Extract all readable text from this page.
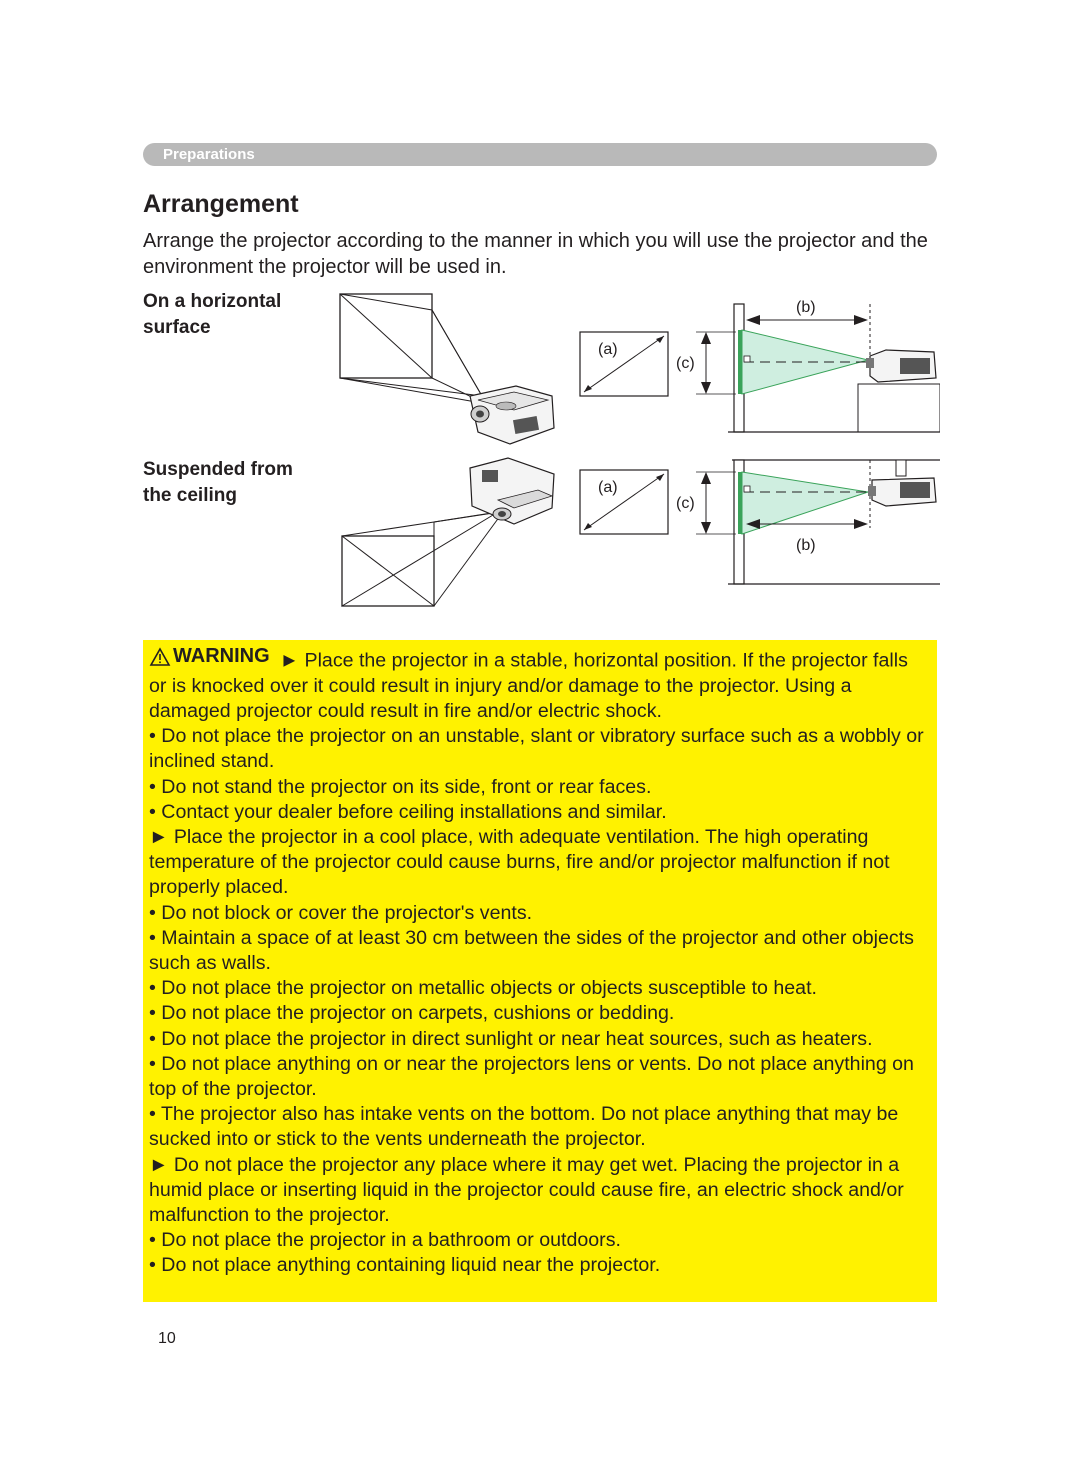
Preparations
Arrangement
Arrange the projector according to the manner in which you will use the projector and the environment the projector will be used in.
On a horizontal surface
Suspended from the ceiling
(a)
(a)
(c)
(b)
(c)
(b)

WARNING ► Place the projector in a stable, horizontal position. If the projector falls or is knocked over it could result in injury and/or damage to the projector. Using a damaged projector could result in fire and/or electric shock.

• Do not place the projector on an unstable, slant or vibratory surface such as a wobbly or inclined stand.

• Do not stand the projector on its side, front or rear faces.

• Contact your dealer before ceiling installations and similar.

► Place the projector in a cool place, with adequate ventilation. The high operating temperature of the projector could cause burns, fire and/or projector malfunction if not properly placed.

• Do not block or cover the projector's vents.

• Maintain a space of at least 30 cm between the sides of the projector and other objects such as walls.

• Do not place the projector on metallic objects or objects susceptible to heat.

• Do not place the projector on carpets, cushions or bedding.

• Do not place the projector in direct sunlight or near heat sources, such as heaters.

• Do not place anything on or near the projectors lens or vents. Do not place anything on top of the projector.

• The projector also has intake vents on the bottom. Do not place anything that may be sucked into or stick to the vents underneath the projector.

► Do not place the projector any place where it may get wet. Placing the projector in a humid place or inserting liquid in the projector could cause fire, an electric shock and/or malfunction to the projector.

• Do not place the projector in a bathroom or outdoors.

• Do not place anything containing liquid near the projector.

10
